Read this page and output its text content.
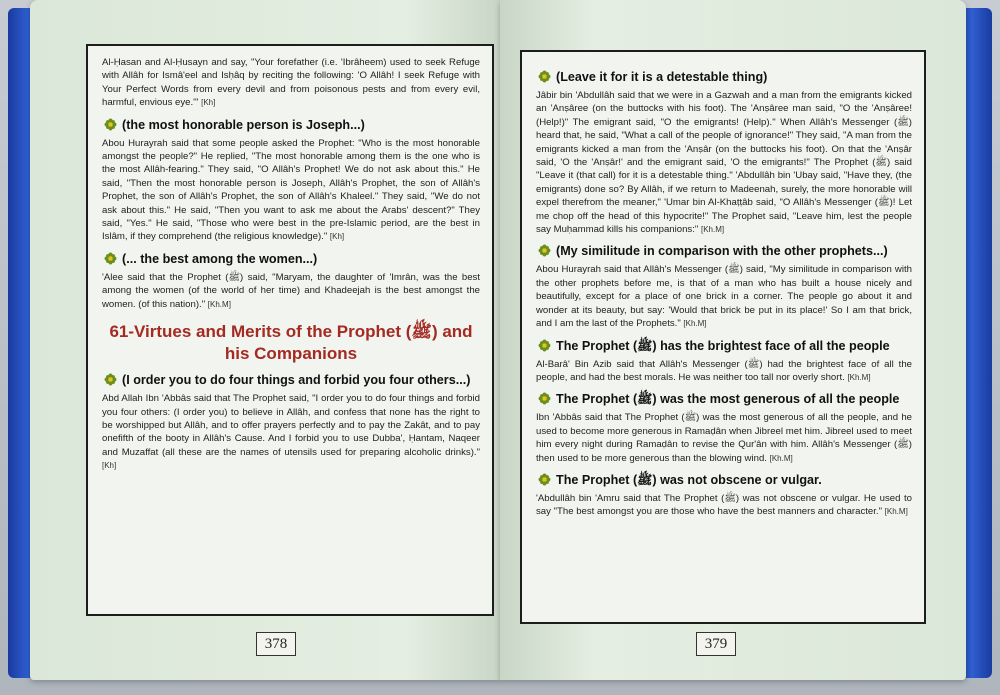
Al-Ḥasan and Al-Ḥusayn and say, "Your forefather (i.e. 'Ibrâheem) used to seek Refuge with Allâh for Ismâ'eel and Isḥâq by reciting the following: 'O Allâh! I seek Refuge with Your Perfect Words from every devil and from poisonous pests and from every evil, harmful, envious eye.'" [Kh]

(the most honorable person is Joseph...)

Abou Hurayrah said that some people asked the Prophet: "Who is the most honorable amongst the people?" He replied, "The most honorable among them is the one who is the most Allâh-fearing." They said, "O Allâh's Prophet! We do not ask about this." He said, "Then the most honorable person is Joseph, Allâh's Prophet, the son of Allâh's Prophet, the son of Allâh's Prophet, the son of Allâh's Khaleel." They said, "We do not ask about this." He said, "Then you want to ask me about the Arabs' descent?" They said, "Yes." He said, "Those who were best in the pre-Islamic period, are the best in Islâm, if they comprehend (the religious knowledge)." [Kh]

(... the best among the women...)

'Alee said that the Prophet (ﷺ) said, "Maryam, the daughter of 'Imrân, was the best among the women (of the world of her time) and Khadeejah is the best amongst the women. (of this nation)." [Kh.M]

61-Virtues and Merits of the Prophet (ﷺ) and his Companions
(I order you to do four things and forbid you four others...)

Abd Allah Ibn 'Abbâs said that The Prophet said, "I order you to do four things and forbid you four others: (I order you) to believe in Allâh, and confess that none has the right to be worshipped but Allâh, and to offer prayers perfectly and to pay the Zakât, and to pay onefifth of the booty in Allâh's Cause. And I forbid you to use Dubba', Ḥantam, Naqeer and Muzaffat (all these are the names of utensils used for preparing alcoholic drinks)." [Kh]

378
(Leave it for it is a detestable thing)

Jâbir bin 'Abdullâh said that we were in a Gazwah and a man from the emigrants kicked an 'Anṣâree (on the buttocks with his foot). The 'Anṣâree man said, "O the 'Anṣâree! (Help!)" The emigrant said, "O the emigrants! (Help)." When Allâh's Messenger (ﷺ) heard that, he said, "What a call of the people of ignorance!" They said, "A man from the emigrants kicked a man from the 'Anṣâr (on the buttocks his foot). On that the 'Anṣâr said, 'O the 'Anṣâr!' and the emigrant said, 'O the emigrants!" The Prophet (ﷺ) said "Leave it (that call) for it is a detestable thing." 'Abdullâh bin 'Ubay said, "Have they, (the emigrants) done so? By Allâh, if we return to Madeenah, surely, the more honorable will expel therefrom the meaner," 'Umar bin Al-Khaṭṭâb said, "O Allâh's Messenger (ﷺ)! Let me chop off the head of this hypocrite!" The Prophet said, "Leave him, lest the people say Muḥammad kills his companions:" [Kh.M]

(My similitude in comparison with the other prophets...)

Abou Hurayrah said that Allâh's Messenger (ﷺ) said, "My similitude in comparison with the other prophets before me, is that of a man who has built a house nicely and beautifully, except for a place of one brick in a corner. The people go about it and wonder at its beauty, but say: 'Would that brick be put in its place!' So I am that brick, and I am the last of the Prophets." [Kh.M]

The Prophet (ﷺ) has the brightest face of all the people

Al-Barâ' Bin Azib said that Allâh's Messenger (ﷺ) had the brightest face of all the people, and had the best morals. He was neither too tall nor overly short. [Kh.M]

The Prophet (ﷺ) was the most generous of all the people

Ibn 'Abbâs said that The Prophet (ﷺ) was the most generous of all the people, and he used to become more generous in Ramaḍân when Jibreel met him. Jibreel used to meet him every night during Ramaḍân to revise the Qur'ân with him. Allâh's Messenger (ﷺ) then used to be more generous than the blowing wind. [Kh.M]

The Prophet (ﷺ) was not obscene or vulgar.

'Abdullâh bin 'Amru said that The Prophet (ﷺ) was not obscene or vulgar. He used to say "The best amongst you are those who have the best manners and character." [Kh.M]

379
